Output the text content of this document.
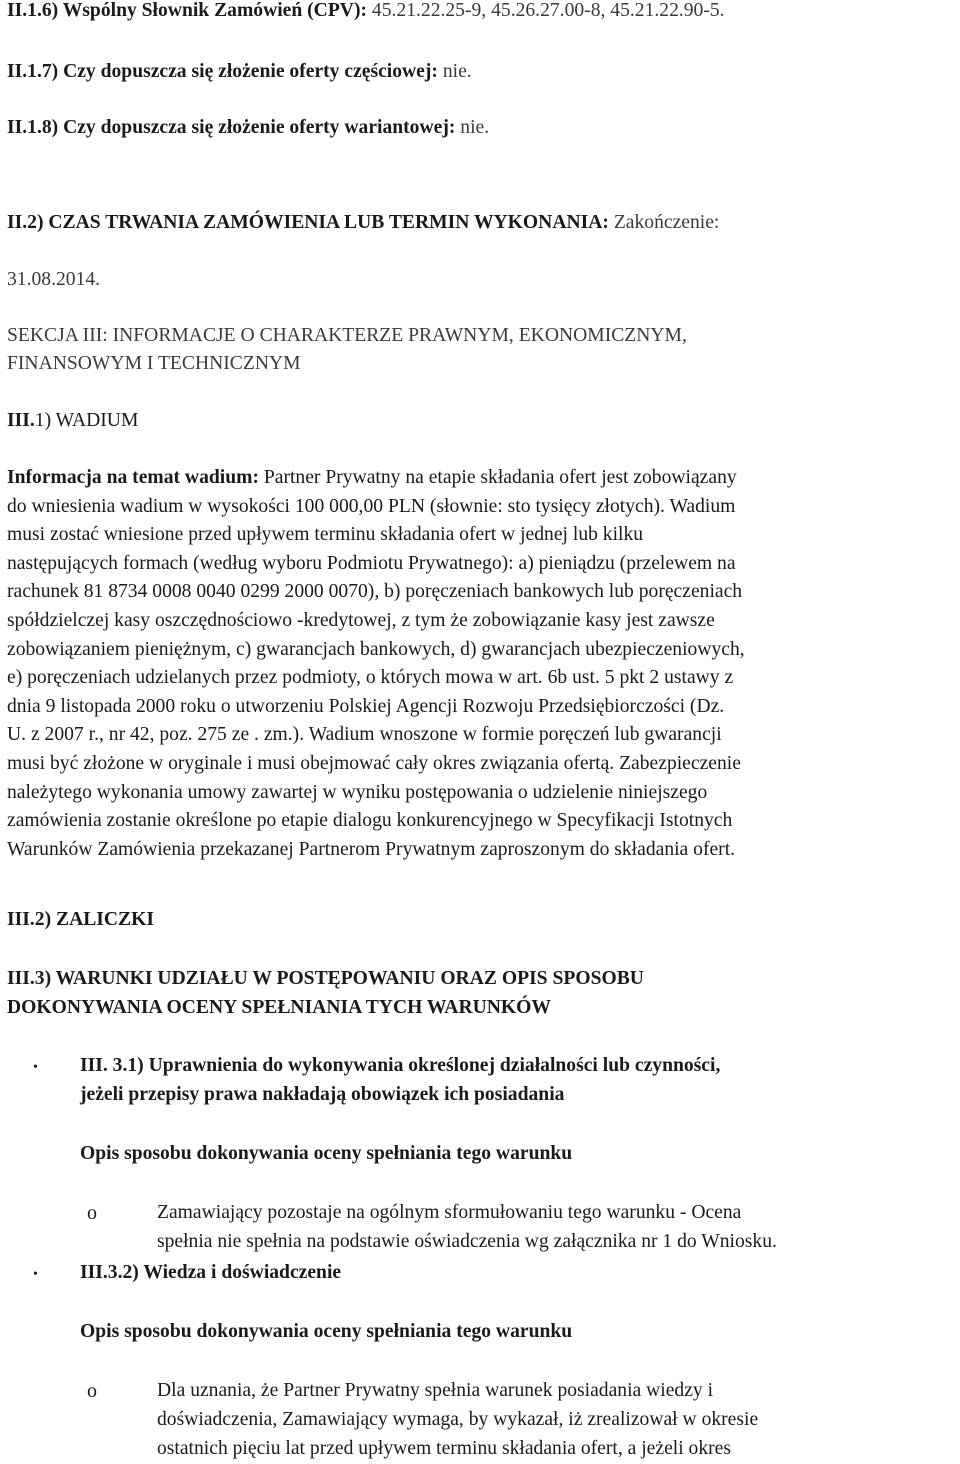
II.1.6) Wspólny Słownik Zamówień (CPV): 45.21.22.25-9, 45.26.27.00-8, 45.21.22.90-5.
II.1.7) Czy dopuszcza się złożenie oferty częściowej: nie.
II.1.8) Czy dopuszcza się złożenie oferty wariantowej: nie.
II.2) CZAS TRWANIA ZAMÓWIENIA LUB TERMIN WYKONANIA: Zakończenie:
31.08.2014.
SEKCJA III: INFORMACJE O CHARAKTERZE PRAWNYM, EKONOMICZNYM,
FINANSOWYM I TECHNICZNYM
III.1) WADIUM
Informacja na temat wadium: Partner Prywatny na etapie składania ofert jest zobowiązany
do wniesienia wadium w wysokości 100 000,00 PLN (słownie: sto tysięcy złotych). Wadium
musi zostać wniesione przed upływem terminu składania ofert w jednej lub kilku
następujących formach (według wyboru Podmiotu Prywatnego): a) pieniądzu (przelewem na
rachunek 81 8734 0008 0040 0299 2000 0070), b) poręczeniach bankowych lub poręczeniach
spółdzielczej kasy oszczędnościowo -kredytowej, z tym że zobowiązanie kasy jest zawsze
zobowiązaniem pieniężnym, c) gwarancjach bankowych, d) gwarancjach ubezpieczeniowych,
e) poręczeniach udzielanych przez podmioty, o których mowa w art. 6b ust. 5 pkt 2 ustawy z
dnia 9 listopada 2000 roku o utworzeniu Polskiej Agencji Rozwoju Przedsiębiorczości (Dz.
U. z 2007 r., nr 42, poz. 275 ze . zm.). Wadium wnoszone w formie poręczeń lub gwarancji
musi być złożone w oryginale i musi obejmować cały okres związania ofertą. Zabezpieczenie
należytego wykonania umowy zawartej w wyniku postępowania o udzielenie niniejszego
zamówienia zostanie określone po etapie dialogu konkurencyjnego w Specyfikacji Istotnych
Warunków Zamówienia przekazanej Partnerom Prywatnym zaproszonym do składania ofert.
III.2) ZALICZKI
III.3) WARUNKI UDZIAŁU W POSTĘPOWANIU ORAZ OPIS SPOSOBU
DOKONYWANIA OCENY SPEŁNIANIA TYCH WARUNKÓW
• III. 3.1) Uprawnienia do wykonywania określonej działalności lub czynności,
jeżeli przepisy prawa nakładają obowiązek ich posiadania
Opis sposobu dokonywania oceny spełniania tego warunku
o	Zamawiający pozostaje na ogólnym sformułowaniu tego warunku - Ocena
spełnia nie spełnia na podstawie oświadczenia wg załącznika nr 1 do Wniosku.
• III.3.2) Wiedza i doświadczenie
Opis sposobu dokonywania oceny spełniania tego warunku
o	Dla uznania, że Partner Prywatny spełnia warunek posiadania wiedzy i
doświadczenia, Zamawiający wymaga, by wykazał, iż zrealizował w okresie
ostatnich pięciu lat przed upływem terminu składania ofert, a jeżeli okres
